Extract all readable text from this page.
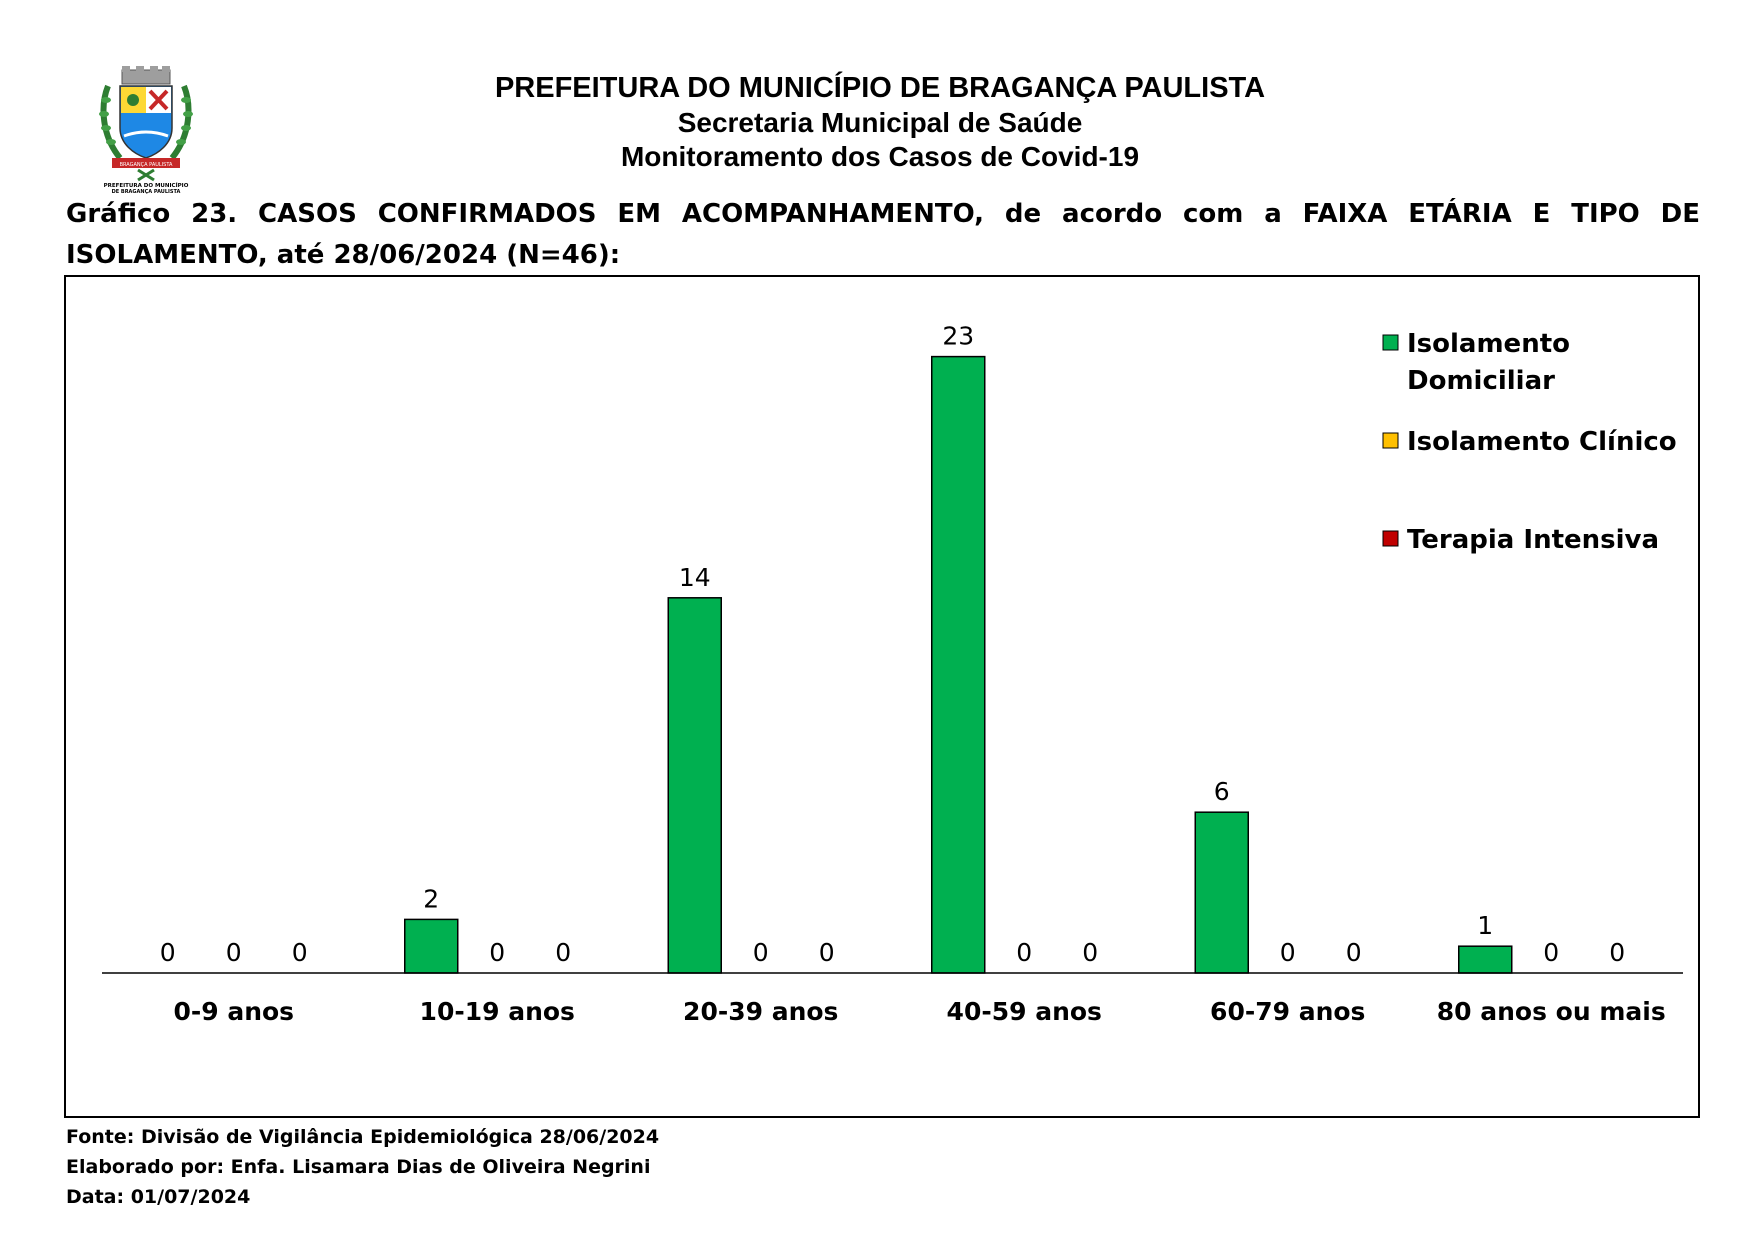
BRAGANÇA PAULISTA
PREFEITURA DO MUNICÍPIO
DE BRAGANÇA PAULISTA
PREFEITURA DO MUNICÍPIO DE BRAGANÇA PAULISTA
Secretaria Municipal de Saúde
Monitoramento dos Casos de Covid-19
Gráfico 23. CASOS CONFIRMADOS EM ACOMPANHAMENTO, de acordo com a FAIXA ETÁRIA E TIPO DE ISOLAMENTO, até 28/06/2024 (N=46):
0 0 0
0-9 anos
2
0 0
10-19 anos
14
0 0
20-39 anos
23
0 0
40-59 anos
6
0 0
60-79 anos
1
0 0
80 anos ou mais
Isolamento
Domiciliar
Isolamento Clínico
Terapia Intensiva
Fonte: Divisão de Vigilância Epidemiológica 28/06/2024
Elaborado por: Enfa. Lisamara Dias de Oliveira Negrini
Data: 01/07/2024
